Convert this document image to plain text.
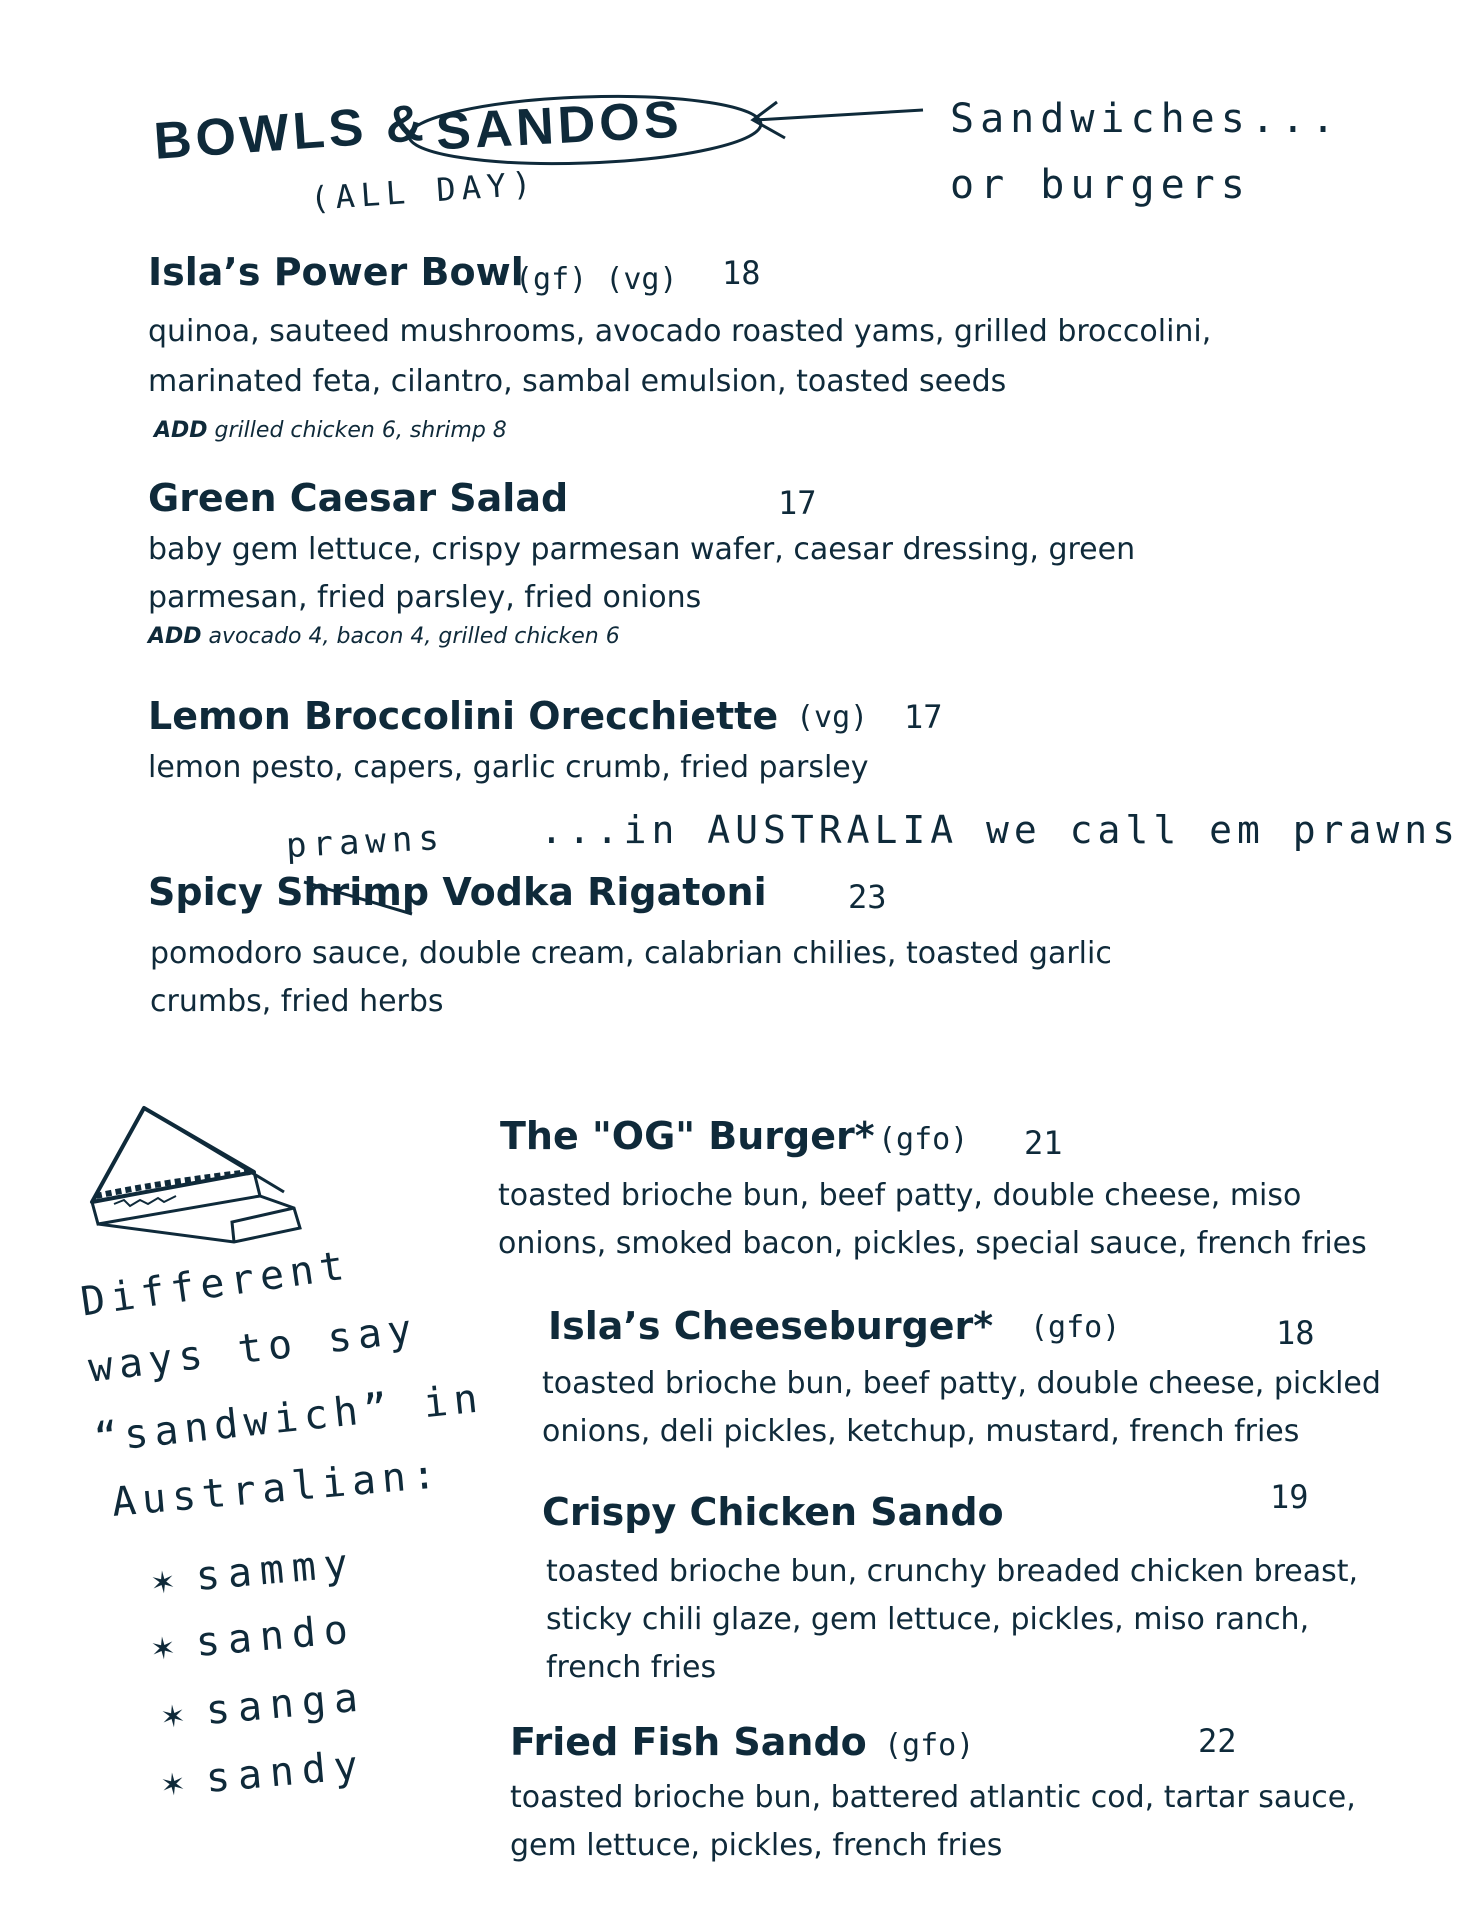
BOWLS & SANDOS
(ALL DAY)
Sandwiches...
or burgers
Isla’s Power Bowl
(gf) (vg) 18
quinoa, sauteed mushrooms, avocado roasted yams, grilled broccolini,
marinated feta, cilantro, sambal emulsion, toasted seeds
ADD grilled chicken 6, shrimp 8
Green Caesar Salad	17
baby gem lettuce, crispy parmesan wafer, caesar dressing, green
parmesan, fried parsley, fried onions
ADD avocado 4, bacon 4, grilled chicken 6
Lemon Broccolini Orecchiette (vg) 17
lemon pesto, capers, garlic crumb, fried parsley
prawns ...in AUSTRALIA we call em prawns
Spicy Shrimp Vodka Rigatoni	23
pomodoro sauce, double cream, calabrian chilies, toasted garlic
crumbs, fried herbs
Different
ways to say
“sandwich” in
Australian:
✶ sammy
✶ sando
✶ sanga
✶ sandy
The "OG" Burger* (gfo) 21
toasted brioche bun, beef patty, double cheese, miso
onions, smoked bacon, pickles, special sauce, french fries
Isla’s Cheeseburger* (gfo)	18
toasted brioche bun, beef patty, double cheese, pickled
onions, deli pickles, ketchup, mustard, french fries
Crispy Chicken Sando	19
toasted brioche bun, crunchy breaded chicken breast,
sticky chili glaze, gem lettuce, pickles, miso ranch,
french fries
Fried Fish Sando (gfo)	22
toasted brioche bun, battered atlantic cod, tartar sauce,
gem lettuce, pickles, french fries
